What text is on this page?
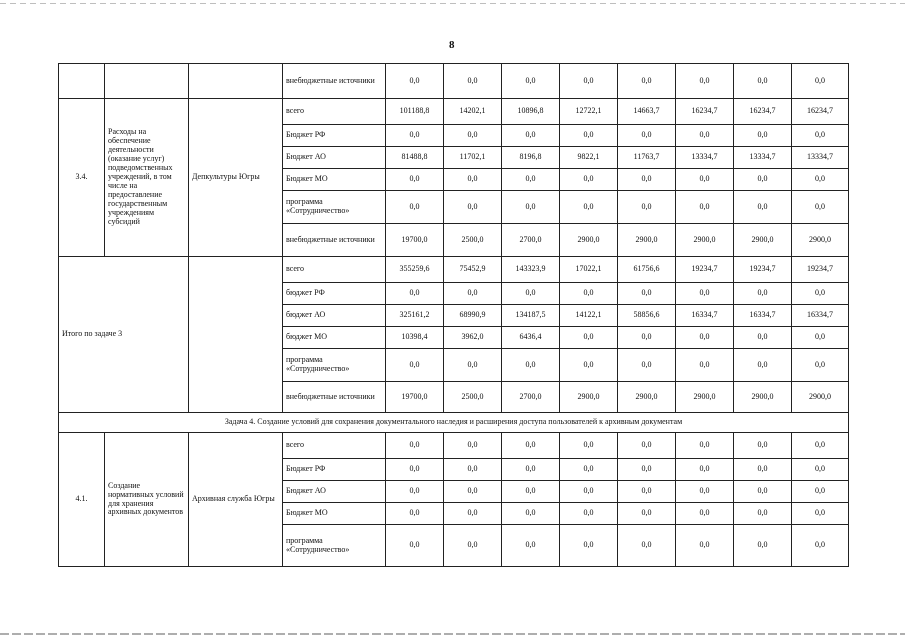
8
			внебюджетные источники	0,0	0,0	0,0	0,0	0,0	0,0	0,0	0,0
3.4.	Расходы на обеспечение деятельности (оказание услуг) подведомственных учреждений, в том числе на предоставление государственным учреждениям субсидий	Депкультуры Югры	всего	101188,8	14202,1	10896,8	12722,1	14663,7	16234,7	16234,7	16234,7
			Бюджет РФ	0,0	0,0	0,0	0,0	0,0	0,0	0,0	0,0
			Бюджет АО	81488,8	11702,1	8196,8	9822,1	11763,7	13334,7	13334,7	13334,7
			Бюджет МО	0,0	0,0	0,0	0,0	0,0	0,0	0,0	0,0
			программа «Сотрудничество»	0,0	0,0	0,0	0,0	0,0	0,0	0,0	0,0
			внебюджетные источники	19700,0	2500,0	2700,0	2900,0	2900,0	2900,0	2900,0	2900,0
Итого по задаче 3			всего	355259,6	75452,9	143323,9	17022,1	61756,6	19234,7	19234,7	19234,7
			бюджет РФ	0,0	0,0	0,0	0,0	0,0	0,0	0,0	0,0
			бюджет АО	325161,2	68990,9	134187,5	14122,1	58856,6	16334,7	16334,7	16334,7
			бюджет МО	10398,4	3962,0	6436,4	0,0	0,0	0,0	0,0	0,0
			программа «Сотрудничество»	0,0	0,0	0,0	0,0	0,0	0,0	0,0	0,0
			внебюджетные источники	19700,0	2500,0	2700,0	2900,0	2900,0	2900,0	2900,0	2900,0
Задача 4. Создание условий для сохранения документального наследия и расширения доступа пользователей к архивным документам											
4.1.	Создание нормативных условий для хранения архивных документов	Архивная служба Югры	всего	0,0	0,0	0,0	0,0	0,0	0,0	0,0	0,0
			Бюджет РФ	0,0	0,0	0,0	0,0	0,0	0,0	0,0	0,0
			Бюджет АО	0,0	0,0	0,0	0,0	0,0	0,0	0,0	0,0
			Бюджет МО	0,0	0,0	0,0	0,0	0,0	0,0	0,0	0,0
			программа «Сотрудничество»	0,0	0,0	0,0	0,0	0,0	0,0	0,0	0,0
